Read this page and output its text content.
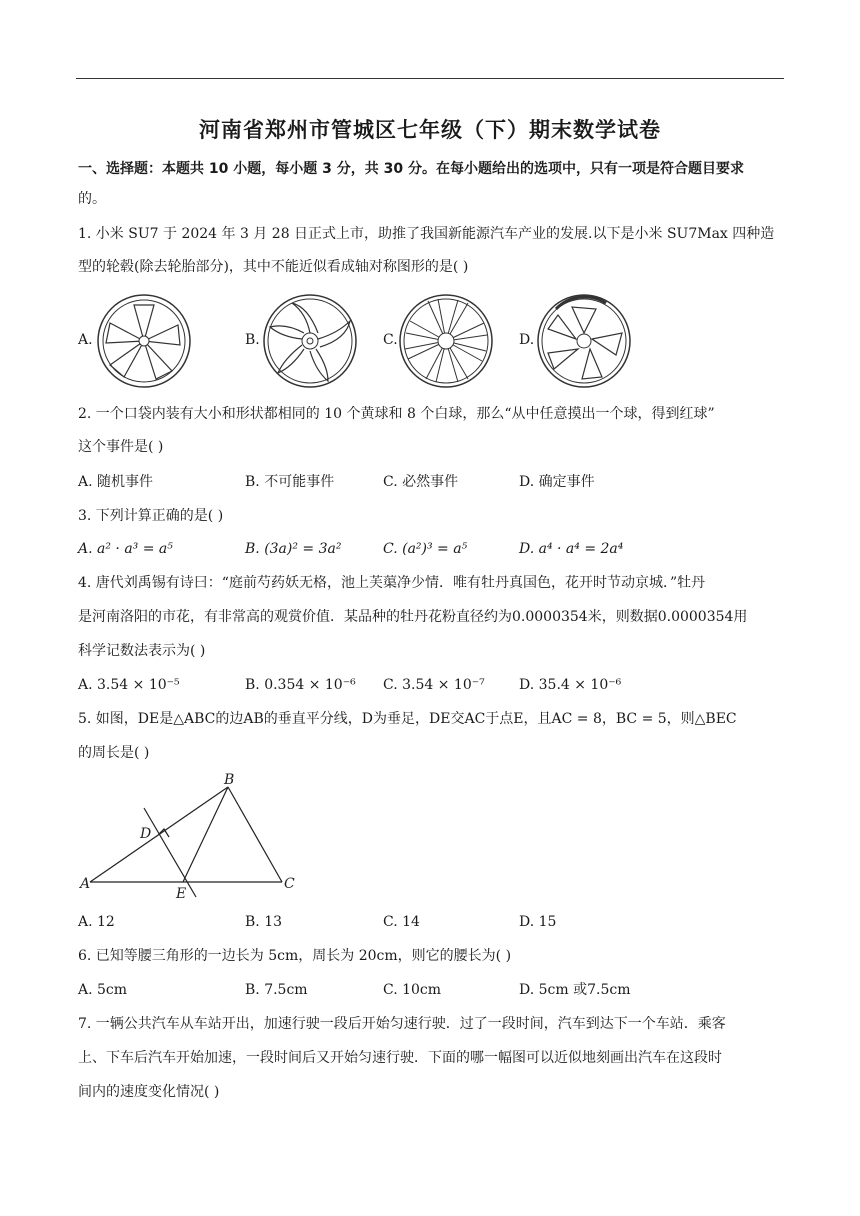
河南省郑州市管城区七年级（下）期末数学试卷
一、选择题：本题共 10 小题，每小题 3 分，共 30 分。在每小题给出的选项中，只有一项是符合题目要求
的。
1. 小米 SU7 于 2024 年 3 月 28 日正式上市，助推了我国新能源汽车产业的发展.以下是小米 SU7Max 四种造
型的轮毂(除去轮胎部分)，其中不能近似看成轴对称图形的是( )
A.	B.	C.	D.
2. 一个口袋内装有大小和形状都相同的 10 个黄球和 8 个白球，那么“从中任意摸出一个球，得到红球”
这个事件是( )
A. 随机事件	B. 不可能事件	C. 必然事件	D. 确定事件
3. 下列计算正确的是( )
A. a² · a³ = a⁵	B. (3a)² = 3a²	C. (a²)³ = a⁵	D. a⁴ · a⁴ = 2a⁴
4. 唐代刘禹锡有诗曰：“庭前芍药妖无格，池上芙蕖净少情．唯有牡丹真国色，花开时节动京城．”牡丹
是河南洛阳的市花，有非常高的观赏价值．某品种的牡丹花粉直径约为0.0000354米，则数据0.0000354用
科学记数法表示为( )
A. 3.54 × 10⁻⁵	B. 0.354 × 10⁻⁶ C. 3.54 × 10⁻⁷ D. 35.4 × 10⁻⁶
5. 如图，DE是△ABC的边AB的垂直平分线，D为垂足，DE交AC于点E，且AC = 8，BC = 5，则△BEC
的周长是( )
A
B
C
D
E
A. 12	B. 13	C. 14	D. 15
6. 已知等腰三角形的一边长为 5cm，周长为 20cm，则它的腰长为( )
A. 5cm	B. 7.5cm	C. 10cm	D. 5cm 或7.5cm
7. 一辆公共汽车从车站开出，加速行驶一段后开始匀速行驶．过了一段时间，汽车到达下一个车站．乘客
上、下车后汽车开始加速，一段时间后又开始匀速行驶．下面的哪一幅图可以近似地刻画出汽车在这段时
间内的速度变化情况( )
